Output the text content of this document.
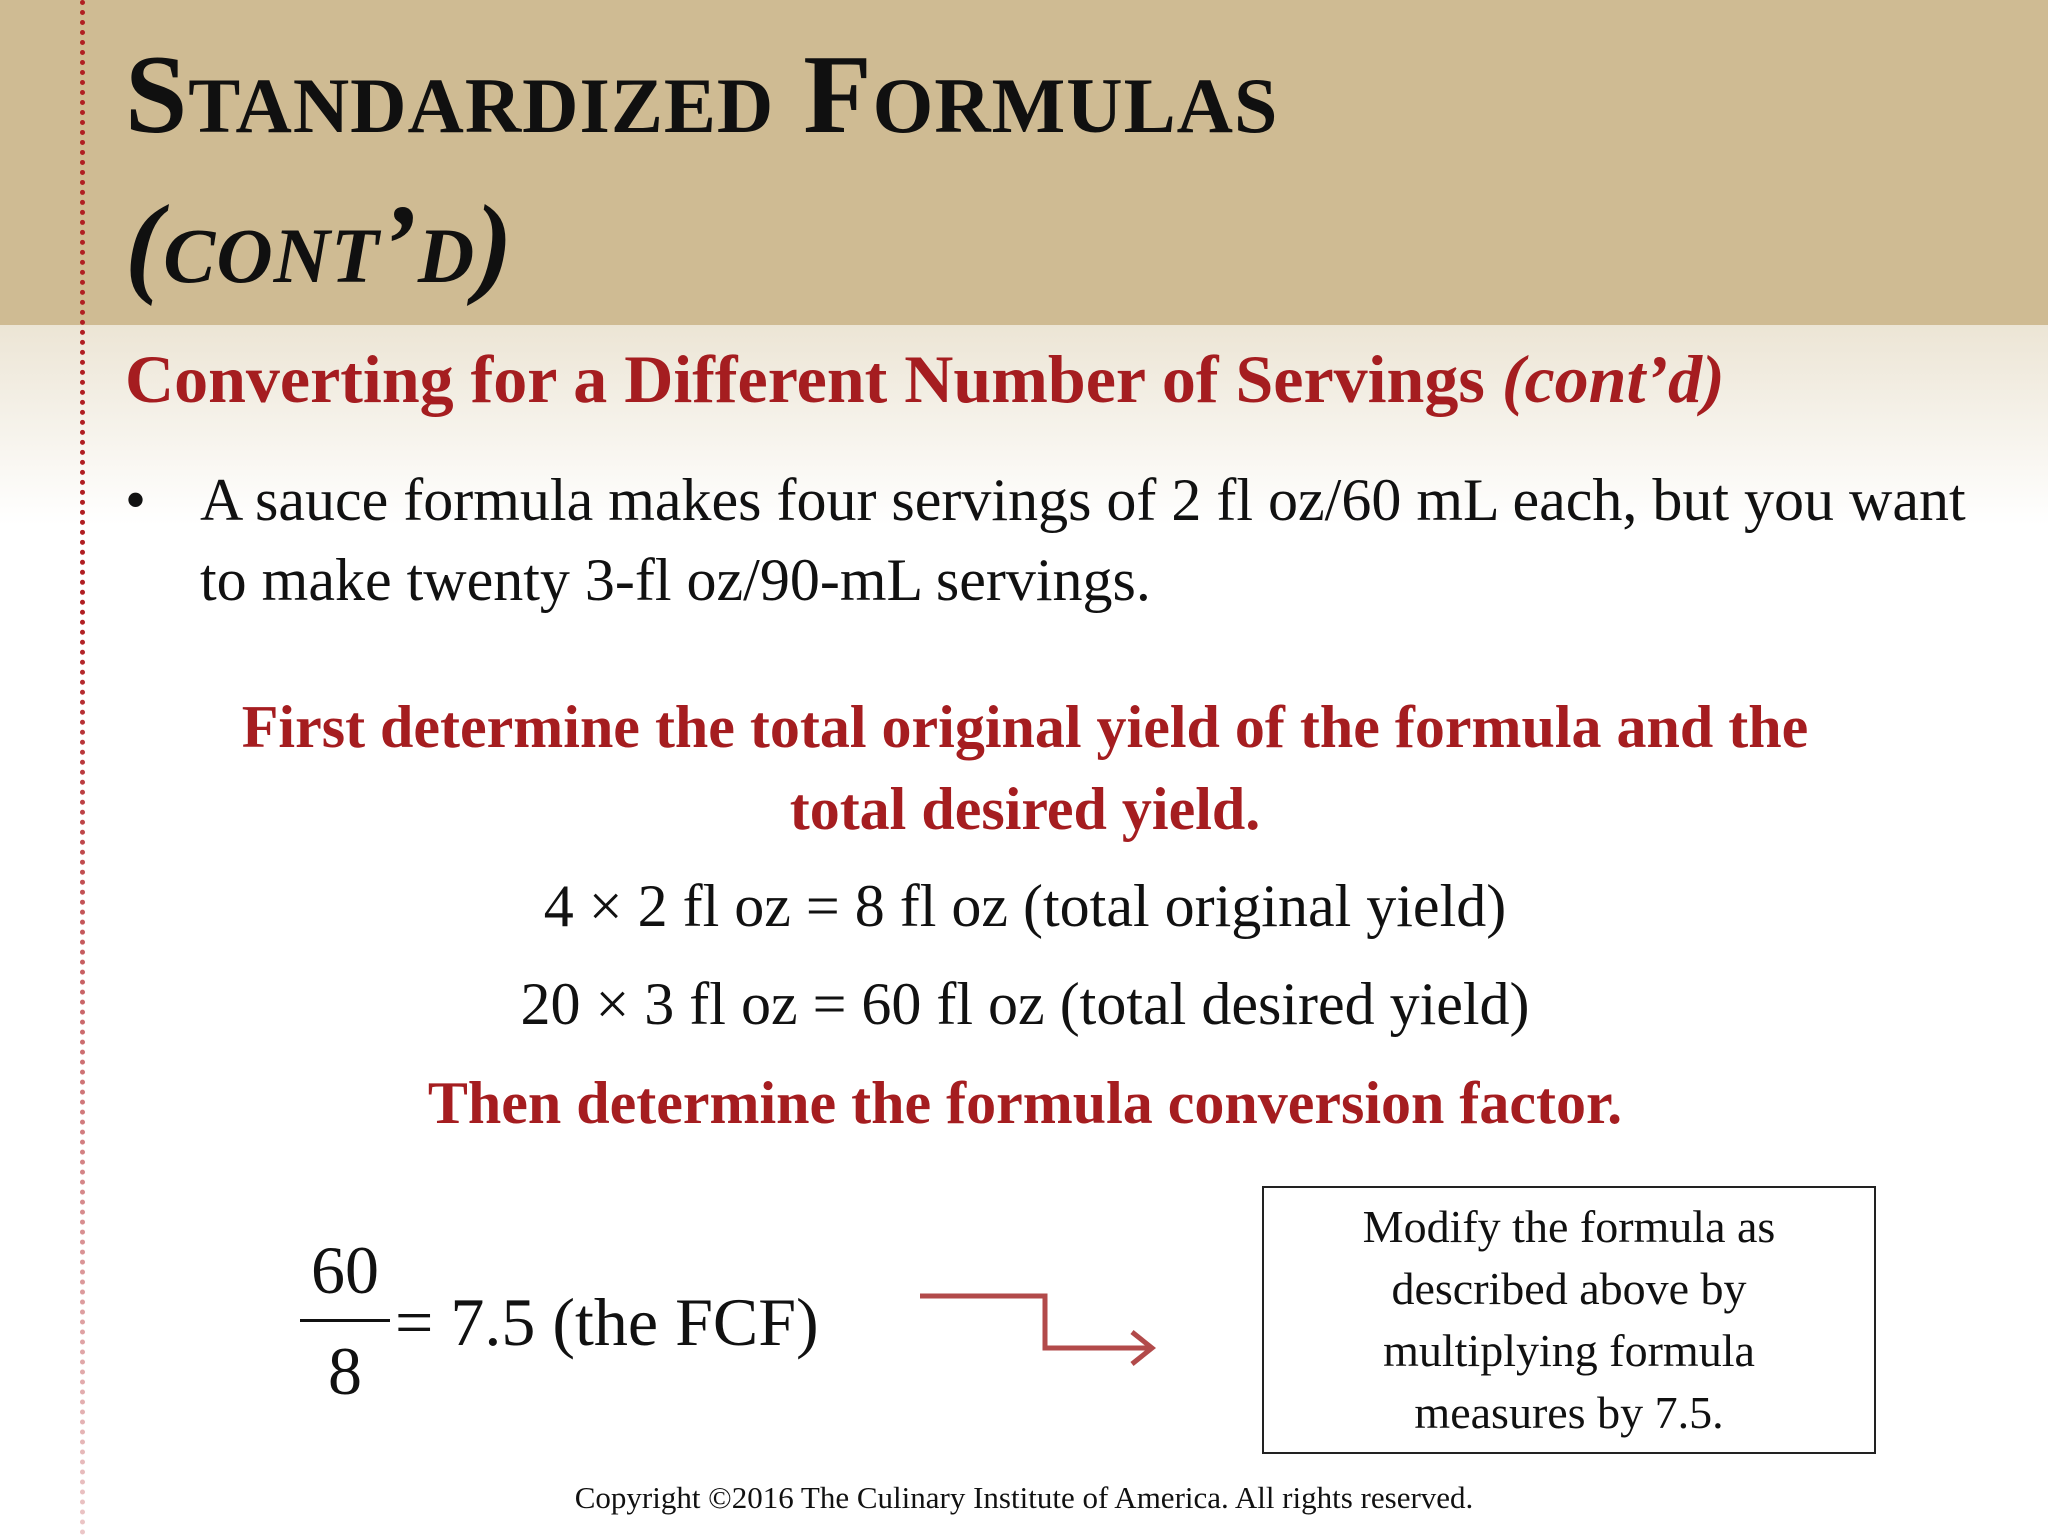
Standardized Formulas
(cont’d)
Converting for a Different Number of Servings (cont’d)
• A sauce formula makes four servings of 2 fl oz/60 mL each, but you want to make twenty 3-fl oz/90-mL servings.
First determine the total original yield of the formula and the
total desired yield.
4 × 2 fl oz = 8 fl oz (total original yield)
20 × 3 fl oz = 60 fl oz (total desired yield)
Then determine the formula conversion factor.
60
8
= 7.5 (the FCF)
Modify the formula as described above by multiplying formula measures by 7.5.
Copyright ©2016 The Culinary Institute of America. All rights reserved.
